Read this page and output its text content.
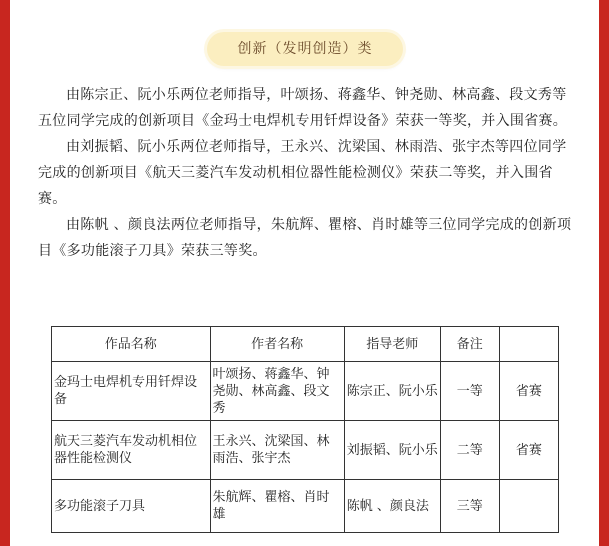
创新（发明创造）类

由陈宗正、阮小乐两位老师指导，叶颂扬、蒋鑫华、钟尧勋、林高鑫、段文秀等五位同学完成的创新项目《金玛士电焊机专用钎焊设备》荣获一等奖，并入围省赛。

由刘振韬、阮小乐两位老师指导，王永兴、沈梁国、林雨浩、张宇杰等四位同学完成的创新项目《航天三菱汽车发动机相位器性能检测仪》荣获二等奖，并入围省赛。

由陈帆 、颜良法两位老师指导，朱航辉、瞿榕、肖时雄等三位同学完成的创新项目《多功能滚子刀具》荣获三等奖。

作品名称	作者名称	指导老师	备注	
金玛士电焊机专用钎焊设备	叶颂扬、蒋鑫华、钟尧勋、林高鑫、段文秀	陈宗正、阮小乐	一等	省赛
航天三菱汽车发动机相位器性能检测仪	王永兴、沈梁国、林雨浩、张宇杰	刘振韬、阮小乐	二等	省赛
多功能滚子刀具	朱航辉、瞿榕、肖时雄	陈帆 、颜良法	三等	
